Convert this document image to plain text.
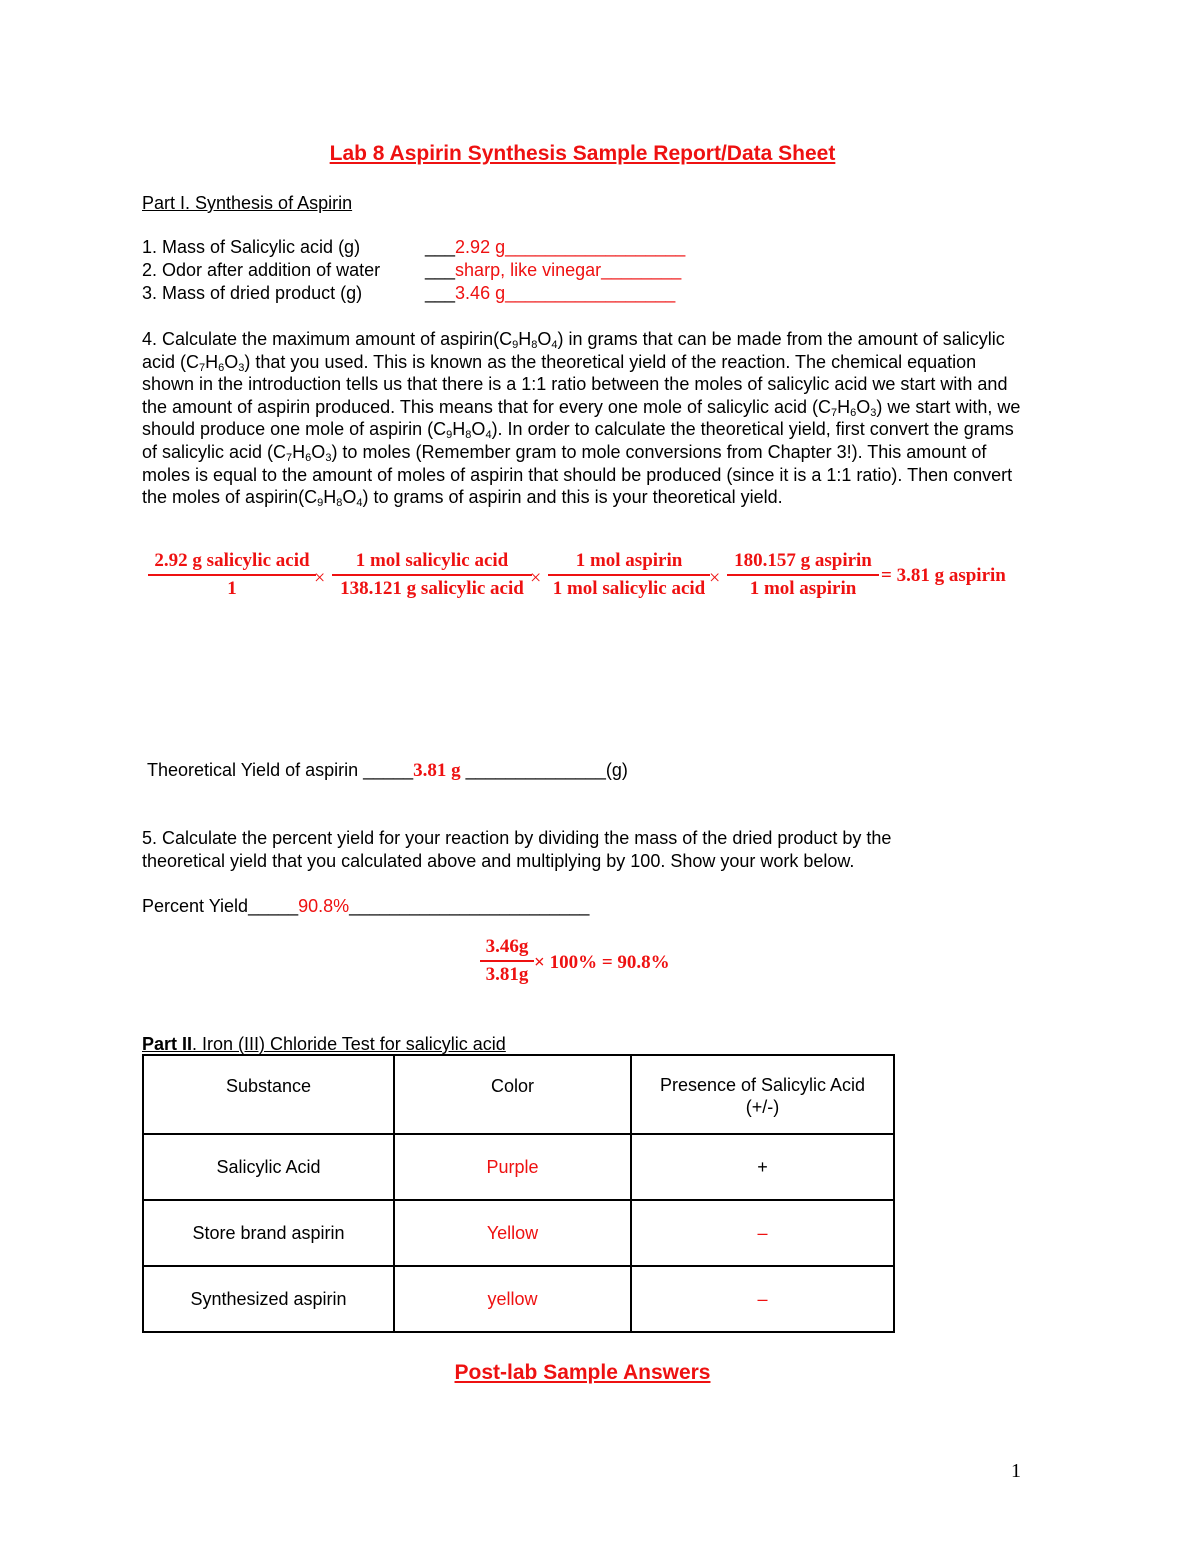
Lab 8 Aspirin Synthesis Sample Report/Data Sheet
Part I. Synthesis of Aspirin
1. Mass of Salicylic acid (g)	___2.92 g__________________
2. Odor after addition of water ___sharp, like vinegar________
3. Mass of dried product (g)	___3.46 g_________________
4. Calculate the maximum amount of $aspirin(C_9H_8O_4)$ in grams that can be made from the amount of salicylic acid $(C_7H_6O_3)$ that you used. This is known as the theoretical yield of the reaction. The chemical equation shown in the introduction tells us that there is a 1:1 ratio between the moles of salicylic acid we start with and the amount of aspirin produced. This means that for every one mole of salicylic acid $(C_7H_6O_3)$ we start with, we should produce one mole of aspirin $(C_9H_8O_4)$. In order to calculate the theoretical yield, first convert the grams of salicylic acid $(C_7H_6O_3)$ to moles (Remember gram to mole conversions from Chapter 3!). This amount of moles is equal to the amount of moles of aspirin that should be produced (since it is a 1:1 ratio). Then convert the moles of $aspirin(C_9H_8O_4)$ to grams of aspirin and this is your theoretical yield.
2.92 g salicylic acid
1	×
1 mol salicylic acid
138.121 g salicylic acid ×
1 mol aspirin
1 mol salicylic acid ×
180.157 g aspirin
1 mol aspirin
= 3.81 g aspirin
Theoretical Yield of aspirin _____3.81 g ______________(g)
5. Calculate the percent yield for your reaction by dividing the mass of the dried product by the
theoretical yield that you calculated above and multiplying by 100. Show your work below.
Percent Yield_____90.8%________________________
$\frac{3.46g}{3.81g} \times 100\% = 90.8\%$
Part II. Iron (III) Chloride Test for salicylic acid
Substance	Color	Presence of Salicylic Acid (+/-)
Salicylic Acid	Purple	+
Store brand aspirin	Yellow	–
Synthesized aspirin	yellow	–
Post-lab Sample Answers
1
